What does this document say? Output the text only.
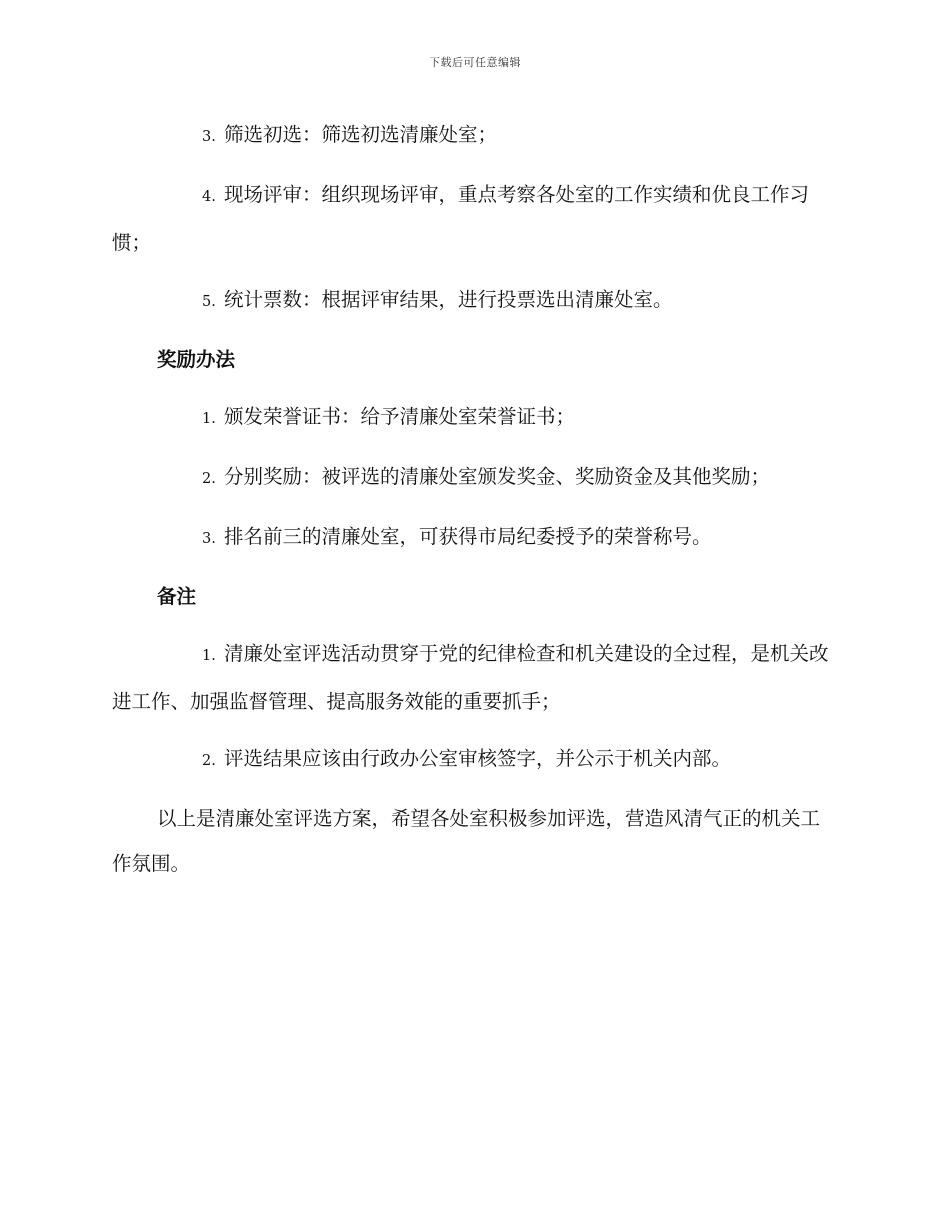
下载后可任意编辑
3. 筛选初选：筛选初选清廉处室；
4. 现场评审：组织现场评审，重点考察各处室的工作实绩和优良工作习惯；
5. 统计票数：根据评审结果，进行投票选出清廉处室。
奖励办法
1. 颁发荣誉证书：给予清廉处室荣誉证书；
2. 分别奖励：被评选的清廉处室颁发奖金、奖励资金及其他奖励；
3. 排名前三的清廉处室，可获得市局纪委授予的荣誉称号。
备注
1. 清廉处室评选活动贯穿于党的纪律检查和机关建设的全过程，是机关改进工作、加强监督管理、提高服务效能的重要抓手；
2. 评选结果应该由行政办公室审核签字，并公示于机关内部。
以上是清廉处室评选方案，希望各处室积极参加评选，营造风清气正的机关工作氛围。
